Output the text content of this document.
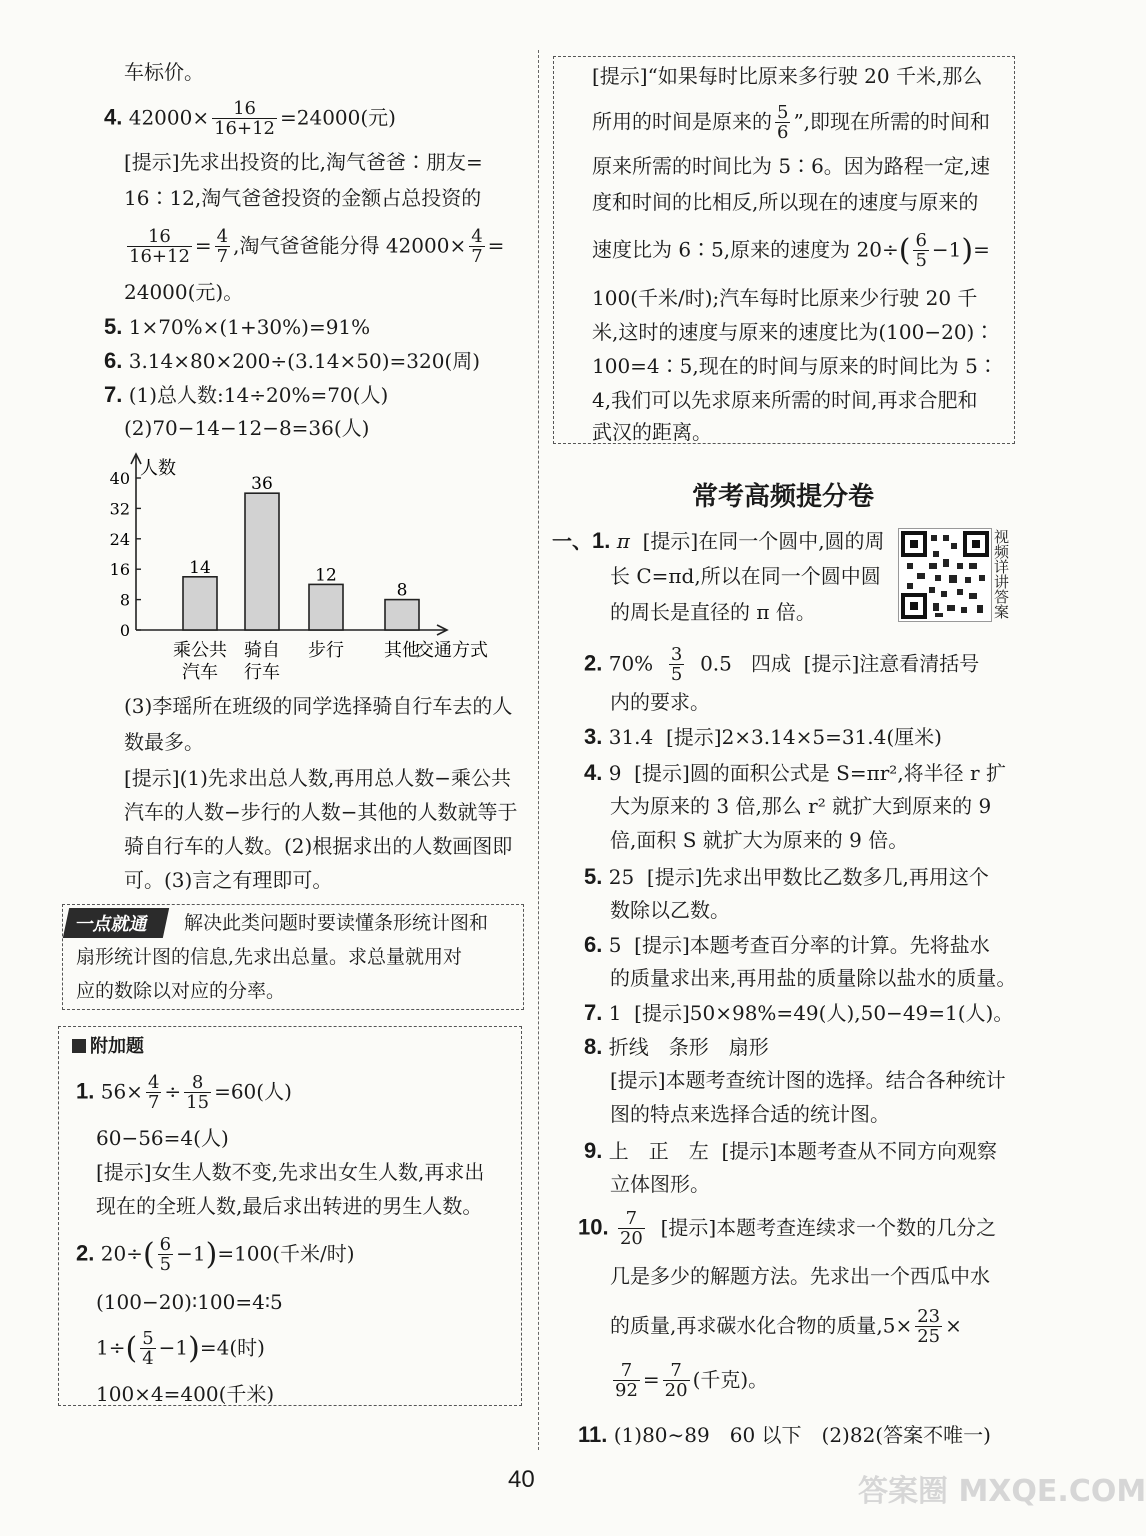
车标价。
4. $42000\times \frac{16}{16+12} =24000$(元)
[提示]先求出投资的比,淘气爸爸∶朋友=
16∶12,淘气爸爸投资的金额占总投资的
$\frac{16}{16+12} = \frac{4}{7}$ ,淘气爸爸能分得 $42000\times \frac{4}{7}$ =
24000(元)。
5. 1×70%×(1+30%)=91%
6. 3.14×80×200÷(3.14×50)=320(周)
7. (1)总人数:14÷20%=70(人)
(2)70−14−12−8=36(人)
人数
0
8
16
24
32
40
14
乘公共
汽车
36
骑自
行车
12
步行
8
其他
交通方式
(3)李瑶所在班级的同学选择骑自行车去的人
数最多。
[提示](1)先求出总人数,再用总人数−乘公共
汽车的人数−步行的人数−其他的人数就等于
骑自行车的人数。(2)根据求出的人数画图即
可。(3)言之有理即可。
一点就通	解决此类问题时要读懂条形统计图和
扇形统计图的信息,先求出总量。求总量就用对
应的数除以对应的分率。
附加题
1. $56\times \frac{4}{7} \div \frac{8}{15} =60$(人)
60−56=4(人)
[提示]女生人数不变,先求出女生人数,再求出
现在的全班人数,最后求出转进的男生人数。
2. $20\div( \frac{6}{5} -1)=100$(千米/时)
(100−20)∶100=4∶5
$1\div( \frac{5}{4} -1)=4$(时)
100×4=400(千米)
[提示]“如果每时比原来多行驶 20 千米,那么
所用的时间是原来的 $\frac{5}{6}$ ”,即现在所需的时间和
原来所需的时间比为 5∶6。因为路程一定,速
度和时间的比相反,所以现在的速度与原来的
速度比为 6∶5,原来的速度为 $20\div( \frac{6}{5} -1)=$
100(千米/时);汽车每时比原来少行驶 20 千
米,这时的速度与原来的速度比为(100−20)∶
100=4∶5,现在的时间与原来的时间比为 5∶
4,我们可以先求原来所需的时间,再求合肥和
武汉的距离。
常考高频提分卷
一、1. π [提示]在同一个圆中,圆的周
长 C=πd,所以在同一个圆中圆
的周长是直径的 π 倍。
视频详讲答案
2. $70\% \frac{3}{5} 0.5$ 四成 [提示]注意看清括号
内的要求。
3. 31.4 [提示]2×3.14×5=31.4(厘米)
4. 9 [提示]圆的面积公式是 S=πr²,将半径 r 扩
大为原来的 3 倍,那么 r² 就扩大到原来的 9
倍,面积 S 就扩大为原来的 9 倍。
5. 25 [提示]先求出甲数比乙数多几,再用这个
数除以乙数。
6. 5 [提示]本题考查百分率的计算。先将盐水
的质量求出来,再用盐的质量除以盐水的质量。
7. 1 [提示]50×98%=49(人),50−49=1(人)。
8. 折线　条形　扇形
[提示]本题考查统计图的选择。结合各种统计
图的特点来选择合适的统计图。
9. 上　正　左 [提示]本题考查从不同方向观察
立体图形。
10. $\frac{7}{20}$ [提示]本题考查连续求一个数的几分之
几是多少的解题方法。先求出一个西瓜中水
的质量,再求碳水化合物的质量$,5\times \frac{23}{25}$ ×
$\frac{7}{92} = \frac{7}{20}$ (千克)。
11. (1)80∼89　60 以下　(2)82(答案不唯一)
40	答案圈 MXQE.COM
